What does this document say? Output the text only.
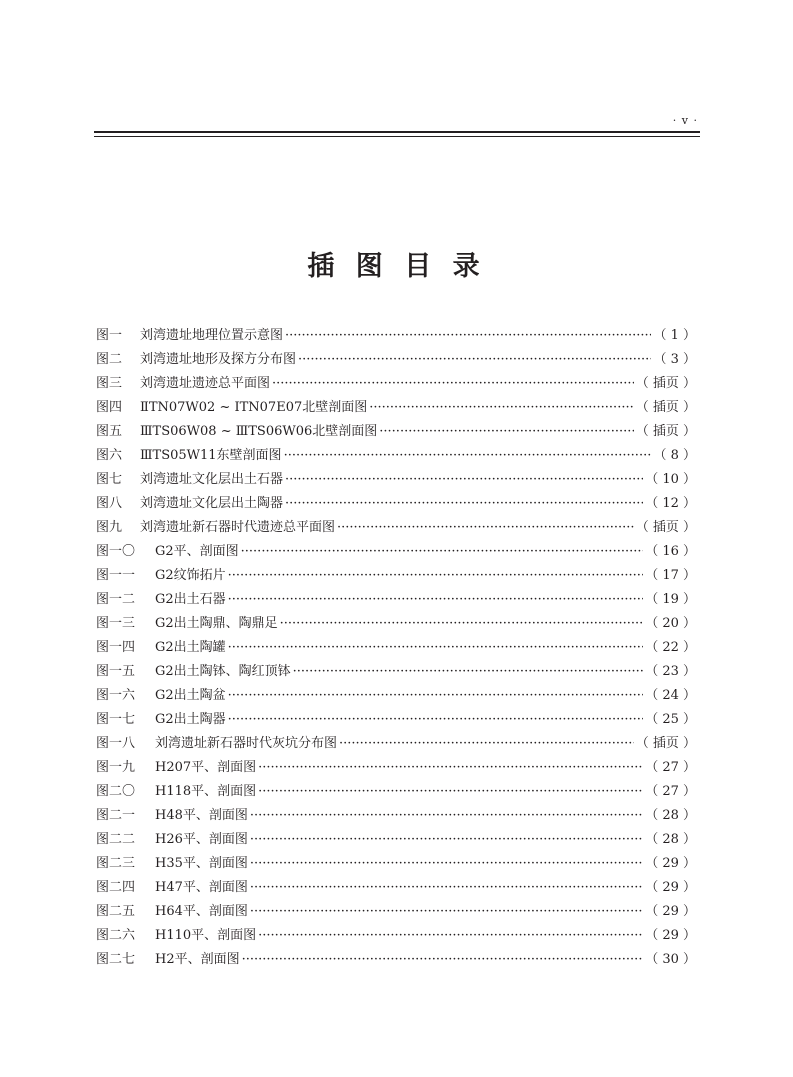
· v ·
插 图 目 录
图一	刘湾遗址地理位置示意图 ·····	（ 1 ）
图二	刘湾遗址地形及探方分布图 ·····	（ 3 ）
图三	刘湾遗址遗迹总平面图 ·····	（ 插页 ）
图四	ⅡTN07W02 ~ ⅠTN07E07北壁剖面图 ·····	（ 插页 ）
图五	ⅢTS06W08 ~ ⅢTS06W06北壁剖面图 ·····	（ 插页 ）
图六	ⅢTS05W11东壁剖面图 ·····	（ 8 ）
图七	刘湾遗址文化层出土石器 ·····	（ 10 ）
图八	刘湾遗址文化层出土陶器 ·····	（ 12 ）
图九	刘湾遗址新石器时代遗迹总平面图 ·····	（ 插页 ）
图一〇	G2平、剖面图 ·····	（ 16 ）
图一一	G2纹饰拓片 ·····	（ 17 ）
图一二	G2出土石器 ·····	（ 19 ）
图一三	G2出土陶鼎、陶鼎足 ·····	（ 20 ）
图一四	G2出土陶罐 ·····	（ 22 ）
图一五	G2出土陶钵、陶红顶钵 ·····	（ 23 ）
图一六	G2出土陶盆 ·····	（ 24 ）
图一七	G2出土陶器 ·····	（ 25 ）
图一八	刘湾遗址新石器时代灰坑分布图 ·····	（ 插页 ）
图一九	H207平、剖面图 ·····	（ 27 ）
图二〇	H118平、剖面图 ·····	（ 27 ）
图二一	H48平、剖面图 ·····	（ 28 ）
图二二	H26平、剖面图 ·····	（ 28 ）
图二三	H35平、剖面图 ·····	（ 29 ）
图二四	H47平、剖面图 ·····	（ 29 ）
图二五	H64平、剖面图 ·····	（ 29 ）
图二六	H110平、剖面图 ·····	（ 29 ）
图二七	H2平、剖面图 ·····	（ 30 ）
